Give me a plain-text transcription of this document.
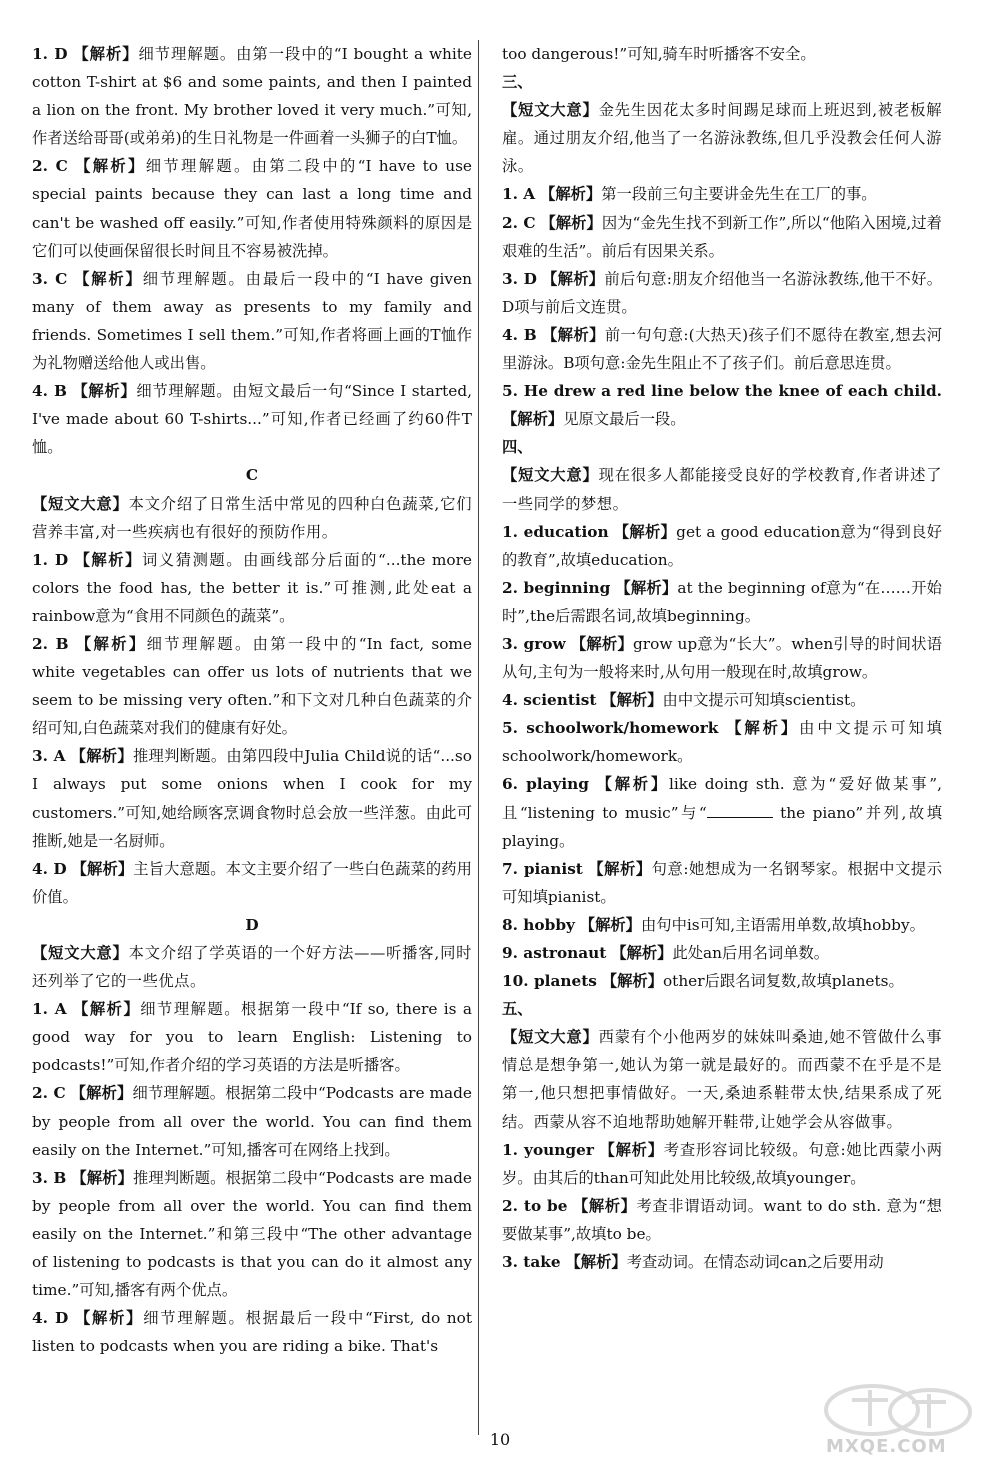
1. D 【解析】细节理解题。由第一段中的“I bought a white cotton T-shirt at $6 and some paints, and then I painted a lion on the front. My brother loved it very much.”可知,作者送给哥哥(或弟弟)的生日礼物是一件画着一头狮子的白T恤。

2. C 【解析】细节理解题。由第二段中的“I have to use special paints because they can last a long time and can't be washed off easily.”可知,作者使用特殊颜料的原因是它们可以使画保留很长时间且不容易被洗掉。

3. C 【解析】细节理解题。由最后一段中的“I have given many of them away as presents to my family and friends. Sometimes I sell them.”可知,作者将画上画的T恤作为礼物赠送给他人或出售。

4. B 【解析】细节理解题。由短文最后一句“Since I started, I've made about 60 T-shirts...”可知,作者已经画了约60件T恤。

C

【短文大意】本文介绍了日常生活中常见的四种白色蔬菜,它们营养丰富,对一些疾病也有很好的预防作用。

1. D 【解析】词义猜测题。由画线部分后面的“...the more colors the food has, the better it is.”可推测,此处eat a rainbow意为“食用不同颜色的蔬菜”。

2. B 【解析】细节理解题。由第一段中的“In fact, some white vegetables can offer us lots of nutrients that we seem to be missing very often.”和下文对几种白色蔬菜的介绍可知,白色蔬菜对我们的健康有好处。

3. A 【解析】推理判断题。由第四段中Julia Child说的话“...so I always put some onions when I cook for my customers.”可知,她给顾客烹调食物时总会放一些洋葱。由此可推断,她是一名厨师。

4. D 【解析】主旨大意题。本文主要介绍了一些白色蔬菜的药用价值。

D

【短文大意】本文介绍了学英语的一个好方法——听播客,同时还列举了它的一些优点。

1. A 【解析】细节理解题。根据第一段中“If so, there is a good way for you to learn English: Listening to podcasts!”可知,作者介绍的学习英语的方法是听播客。

2. C 【解析】细节理解题。根据第二段中“Podcasts are made by people from all over the world. You can find them easily on the Internet.”可知,播客可在网络上找到。

3. B 【解析】推理判断题。根据第二段中“Podcasts are made by people from all over the world. You can find them easily on the Internet.”和第三段中“The other advantage of listening to podcasts is that you can do it almost any time.”可知,播客有两个优点。

4. D 【解析】细节理解题。根据最后一段中“First, do not listen to podcasts when you are riding a bike. That's

too dangerous!”可知,骑车时听播客不安全。

三、

【短文大意】金先生因花太多时间踢足球而上班迟到,被老板解雇。通过朋友介绍,他当了一名游泳教练,但几乎没教会任何人游泳。

1. A 【解析】第一段前三句主要讲金先生在工厂的事。

2. C 【解析】因为“金先生找不到新工作”,所以“他陷入困境,过着艰难的生活”。前后有因果关系。

3. D 【解析】前后句意:朋友介绍他当一名游泳教练,他干不好。D项与前后文连贯。

4. B 【解析】前一句句意:(大热天)孩子们不愿待在教室,想去河里游泳。B项句意:金先生阻止不了孩子们。前后意思连贯。

5. He drew a red line below the knee of each child. 【解析】见原文最后一段。

四、

【短文大意】现在很多人都能接受良好的学校教育,作者讲述了一些同学的梦想。

1. education 【解析】get a good education意为“得到良好的教育”,故填education。

2. beginning 【解析】at the beginning of意为“在……开始时”,the后需跟名词,故填beginning。

3. grow 【解析】grow up意为“长大”。when引导的时间状语从句,主句为一般将来时,从句用一般现在时,故填grow。

4. scientist 【解析】由中文提示可知填scientist。

5. schoolwork/homework 【解析】由中文提示可知填schoolwork/homework。

6. playing 【解析】like doing sth. 意为“爱好做某事”,且“listening to music”与“	the piano”并列,故填playing。

7. pianist 【解析】句意:她想成为一名钢琴家。根据中文提示可知填pianist。

8. hobby 【解析】由句中is可知,主语需用单数,故填hobby。

9. astronaut 【解析】此处an后用名词单数。

10. planets 【解析】other后跟名词复数,故填planets。

五、

【短文大意】西蒙有个小他两岁的妹妹叫桑迪,她不管做什么事情总是想争第一,她认为第一就是最好的。而西蒙不在乎是不是第一,他只想把事情做好。一天,桑迪系鞋带太快,结果系成了死结。西蒙从容不迫地帮助她解开鞋带,让她学会从容做事。

1. younger 【解析】考查形容词比较级。句意:她比西蒙小两岁。由其后的than可知此处用比较级,故填younger。

2. to be 【解析】考查非谓语动词。want to do sth. 意为“想要做某事”,故填to be。

3. take 【解析】考查动词。在情态动词can之后要用动

10	MXQE.COM
